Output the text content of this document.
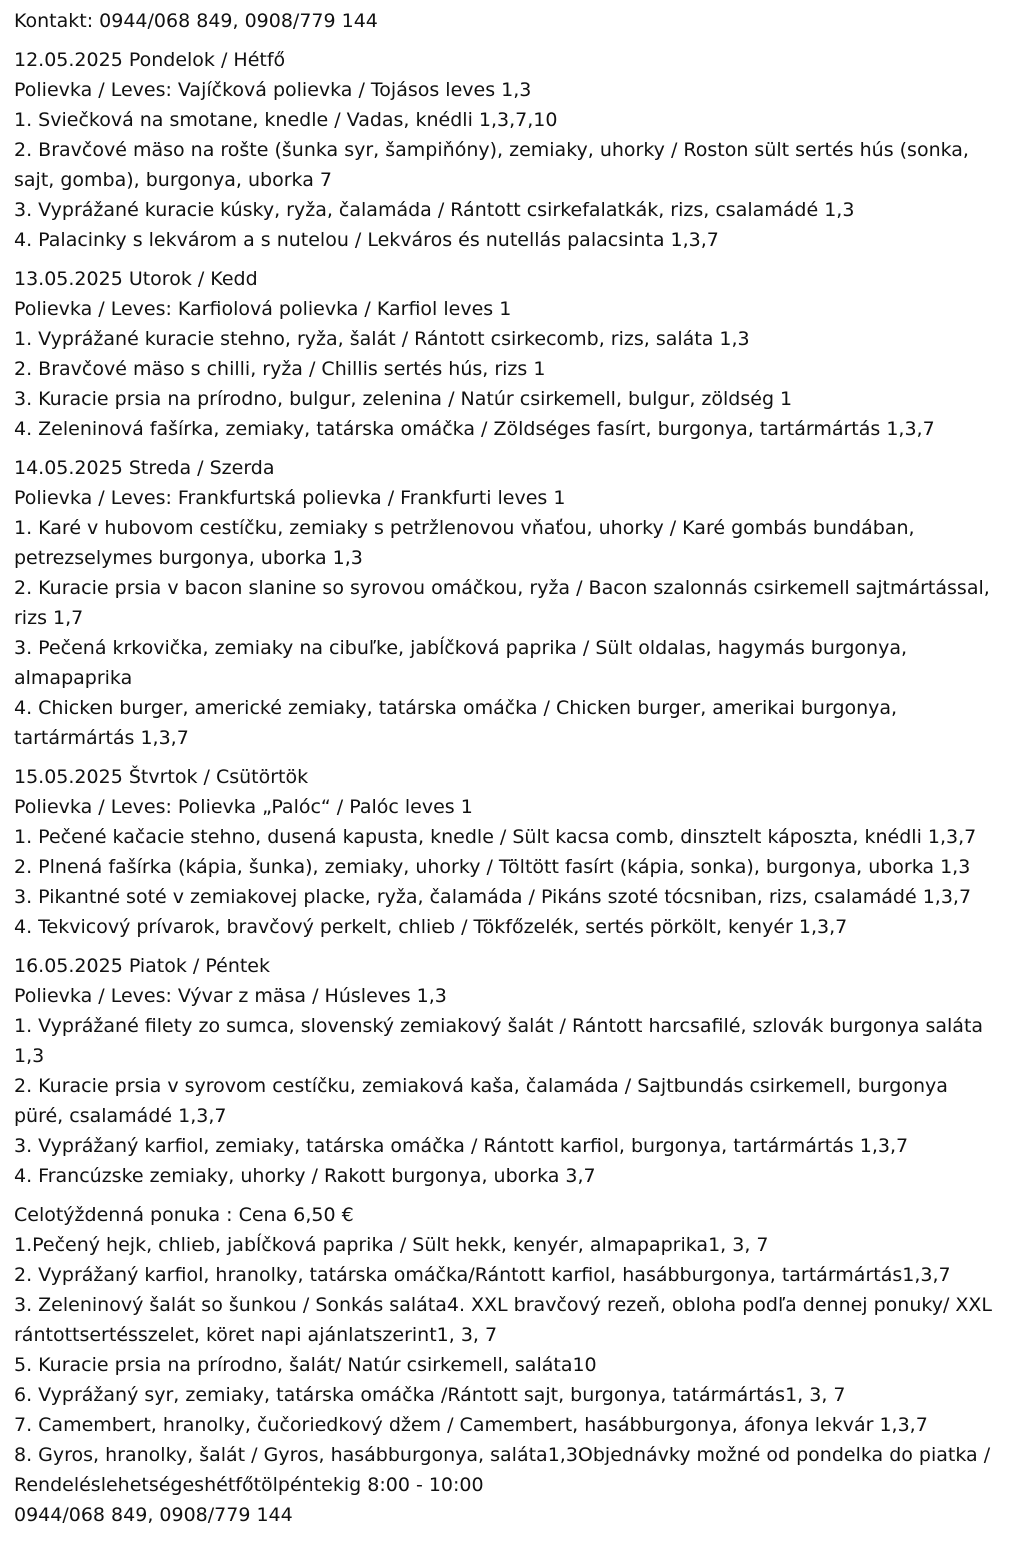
Kontakt: 0944/068 849, 0908/779 144

12.05.2025 Pondelok / Hétfő

Polievka / Leves: Vajíčková polievka / Tojásos leves 1,3

1. Sviečková na smotane, knedle / Vadas, knédli 1,3,7,10

2. Bravčové mäso na rošte (šunka syr, šampiňóny), zemiaky, uhorky / Roston sült sertés hús (sonka, sajt, gomba), burgonya, uborka 7

3. Vyprážané kuracie kúsky, ryža, čalamáda / Rántott csirkefalatkák, rizs, csalamádé 1,3

4. Palacinky s lekvárom a s nutelou / Lekváros és nutellás palacsinta 1,3,7

13.05.2025 Utorok / Kedd

Polievka / Leves: Karfiolová polievka / Karfiol leves 1

1. Vyprážané kuracie stehno, ryža, šalát / Rántott csirkecomb, rizs, saláta 1,3

2. Bravčové mäso s chilli, ryža / Chillis sertés hús, rizs 1

3. Kuracie prsia na prírodno, bulgur, zelenina / Natúr csirkemell, bulgur, zöldség 1

4. Zeleninová fašírka, zemiaky, tatárska omáčka / Zöldséges fasírt, burgonya, tartármártás 1,3,7

14.05.2025 Streda / Szerda

Polievka / Leves: Frankfurtská polievka / Frankfurti leves 1

1. Karé v hubovom cestíčku, zemiaky s petržlenovou vňaťou, uhorky / Karé gombás bundában, petrezselymes burgonya, uborka 1,3

2. Kuracie prsia v bacon slanine so syrovou omáčkou, ryža / Bacon szalonnás csirkemell sajtmártással, rizs 1,7

3. Pečená krkovička, zemiaky na cibuľke, jabĺčková paprika / Sült oldalas, hagymás burgonya, almapaprika

4. Chicken burger, americké zemiaky, tatárska omáčka / Chicken burger, amerikai burgonya, tartármártás 1,3,7

15.05.2025 Štvrtok / Csütörtök

Polievka / Leves: Polievka „Palóc“ / Palóc leves 1

1. Pečené kačacie stehno, dusená kapusta, knedle / Sült kacsa comb, dinsztelt káposzta, knédli 1,3,7

2. Plnená fašírka (kápia, šunka), zemiaky, uhorky / Töltött fasírt (kápia, sonka), burgonya, uborka 1,3

3. Pikantné soté v zemiakovej placke, ryža, čalamáda / Pikáns szoté tócsniban, rizs, csalamádé 1,3,7

4. Tekvicový prívarok, bravčový perkelt, chlieb / Tökfőzelék, sertés pörkölt, kenyér 1,3,7

16.05.2025 Piatok / Péntek

Polievka / Leves: Vývar z mäsa / Húsleves 1,3

1. Vyprážané filety zo sumca, slovenský zemiakový šalát / Rántott harcsafilé, szlovák burgonya saláta 1,3

2. Kuracie prsia v syrovom cestíčku, zemiaková kaša, čalamáda / Sajtbundás csirkemell, burgonya püré, csalamádé 1,3,7

3. Vyprážaný karfiol, zemiaky, tatárska omáčka / Rántott karfiol, burgonya, tartármártás 1,3,7

4. Francúzske zemiaky, uhorky / Rakott burgonya, uborka 3,7

Celotýždenná ponuka : Cena 6,50 €

1.Pečený hejk, chlieb, jabĺčková paprika / Sült hekk, kenyér, almapaprika1, 3, 7

2. Vyprážaný karfiol, hranolky, tatárska omáčka/Rántott karfiol, hasábburgonya, tartármártás1,3,7

3. Zeleninový šalát so šunkou / Sonkás saláta4. XXL bravčový rezeň, obloha podľa dennej ponuky/ XXL rántottsertésszelet, köret napi ajánlatszerint1, 3, 7

5. Kuracie prsia na prírodno, šalát/ Natúr csirkemell, saláta10

6. Vyprážaný syr, zemiaky, tatárska omáčka /Rántott sajt, burgonya, tatármártás1, 3, 7

7. Camembert, hranolky, čučoriedkový džem / Camembert, hasábburgonya, áfonya lekvár 1,3,7

8. Gyros, hranolky, šalát / Gyros, hasábburgonya, saláta1,3Objednávky možné od pondelka do piatka / Rendeléslehetségeshétfőtölpéntekig 8:00 - 10:00

0944/068 849, 0908/779 144
